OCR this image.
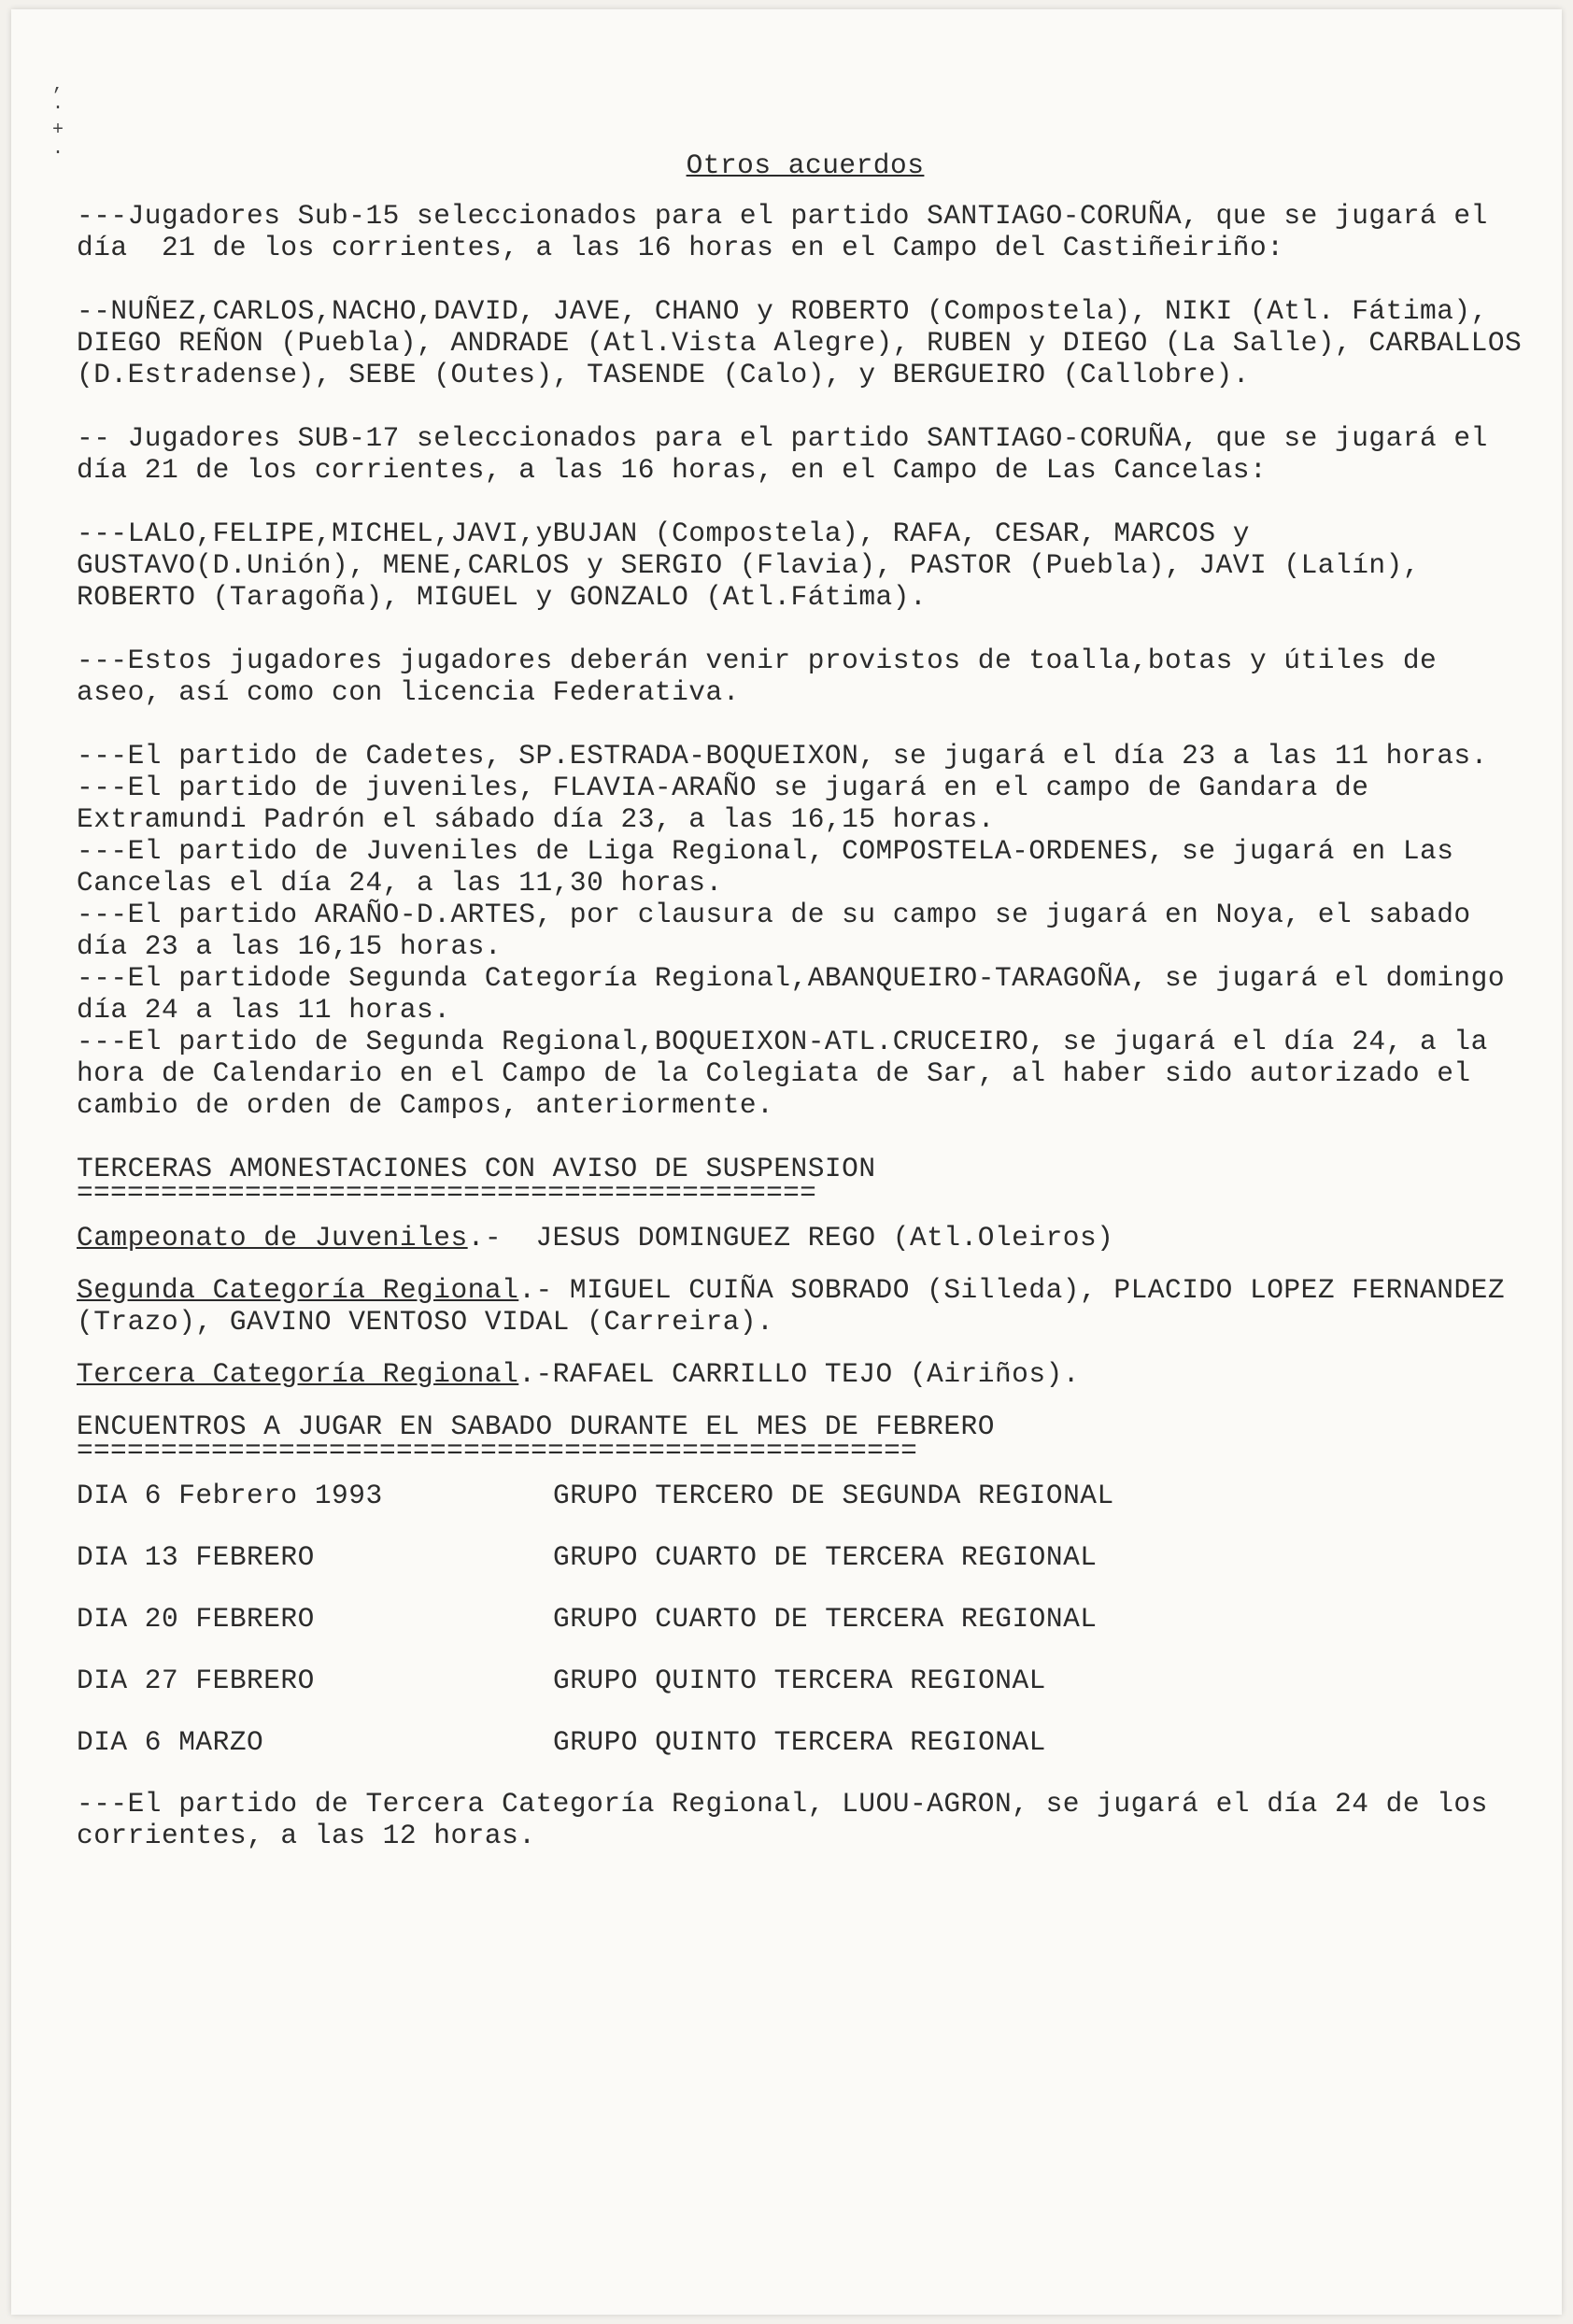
,
·
+
·	Otros acuerdos

---Jugadores Sub-15 seleccionados para el partido SANTIAGO-CORUÑA, que se jugará el día  21 de los corrientes, a las 16 horas en el Campo del Castiñeiriño:

--NUÑEZ,CARLOS,NACHO,DAVID, JAVE, CHANO y ROBERTO (Compostela), NIKI (Atl. Fátima), DIEGO REÑON (Puebla), ANDRADE (Atl.Vista Alegre), RUBEN y DIEGO (La Salle), CARBALLOS (D.Estradense), SEBE (Outes), TASENDE (Calo), y BERGUEIRO (Callobre).

-- Jugadores SUB-17 seleccionados para el partido SANTIAGO-CORUÑA, que se jugará el día 21 de los corrientes, a las 16 horas, en el Campo de Las Cancelas:

---LALO,FELIPE,MICHEL,JAVI,yBUJAN (Compostela), RAFA, CESAR, MARCOS y GUSTAVO(D.Unión), MENE,CARLOS y SERGIO (Flavia), PASTOR (Puebla), JAVI (Lalín), ROBERTO (Taragoña), MIGUEL y GONZALO (Atl.Fátima).

---Estos jugadores jugadores deberán venir provistos de toalla,botas y útiles de aseo, así como con licencia Federativa.

---El partido de Cadetes, SP.ESTRADA-BOQUEIXON, se jugará el día 23 a las 11 horas.

---El partido de juveniles, FLAVIA-ARAÑO se jugará en el campo de Gandara de Extramundi Padrón el sábado día 23, a las 16,15 horas.

---El partido de Juveniles de Liga Regional, COMPOSTELA-ORDENES, se jugará en Las Cancelas el día 24, a las 11,30 horas.

---El partido ARAÑO-D.ARTES, por clausura de su campo se jugará en Noya, el sabado día 23 a las 16,15 horas.

---El partidode Segunda Categoría Regional,ABANQUEIRO-TARAGOÑA, se jugará el domingo día 24 a las 11 horas.

---El partido de Segunda Regional,BOQUEIXON-ATL.CRUCEIRO, se jugará el día 24, a la hora de Calendario en el Campo de la Colegiata de Sar, al haber sido autorizado el cambio de orden de Campos, anteriormente.

TERCERAS AMONESTACIONES CON AVISO DE SUSPENSION

============================================

Campeonato de Juveniles.-  JESUS DOMINGUEZ REGO (Atl.Oleiros)

Segunda Categoría Regional.- MIGUEL CUIÑA SOBRADO (Silleda), PLACIDO LOPEZ FERNANDEZ (Trazo), GAVINO VENTOSO VIDAL (Carreira).

Tercera Categoría Regional.-RAFAEL CARRILLO TEJO (Airiños).

ENCUENTROS A JUGAR EN SABADO DURANTE EL MES DE FEBRERO

==================================================
DIA 6 Febrero 1993	GRUPO TERCERO DE SEGUNDA REGIONAL
DIA 13 FEBRERO	GRUPO CUARTO DE TERCERA REGIONAL
DIA 20 FEBRERO	GRUPO CUARTO DE TERCERA REGIONAL
DIA 27 FEBRERO	GRUPO QUINTO TERCERA REGIONAL
DIA 6 MARZO	GRUPO QUINTO TERCERA REGIONAL

---El partido de Tercera Categoría Regional, LUOU-AGRON, se jugará el día 24 de los corrientes, a las 12 horas.
